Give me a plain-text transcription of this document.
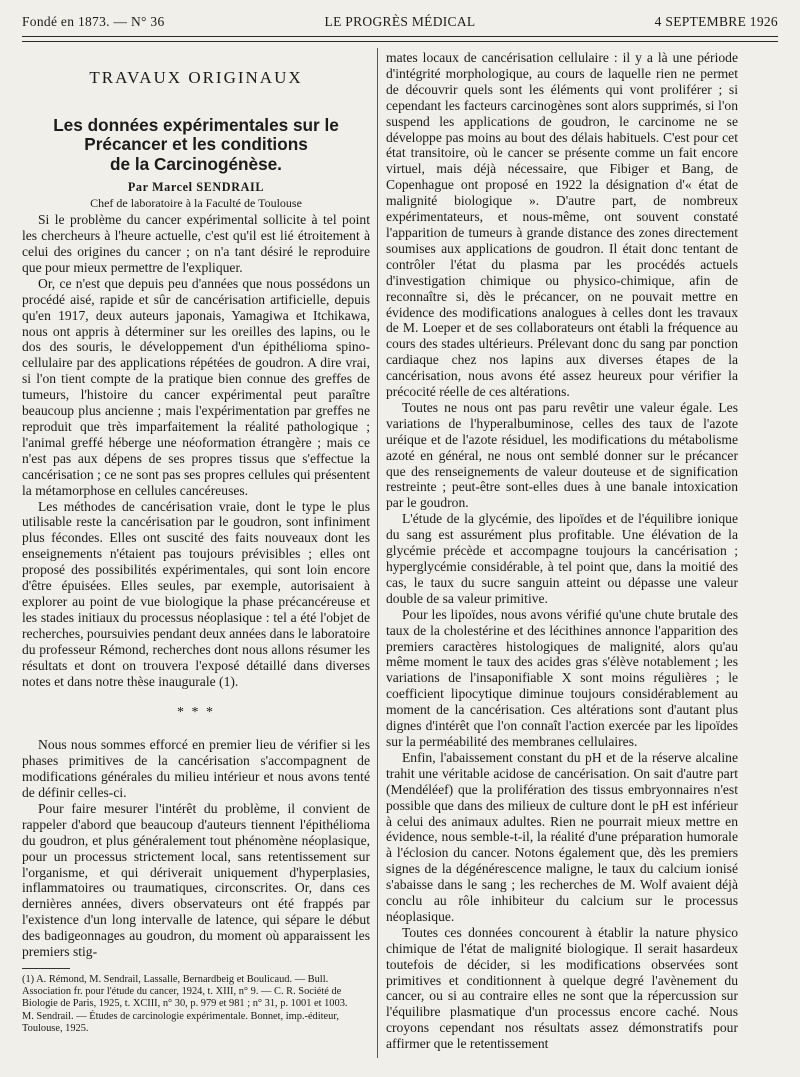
Fondé en 1873. — N° 36	LE PROGRÈS MÉDICAL	4 SEPTEMBRE 1926
TRAVAUX ORIGINAUX
Les données expérimentales sur le
Précancer et les conditions
de la Carcinogénèse.

Par Marcel SENDRAIL

Chef de laboratoire à la Faculté de Toulouse

Si le problème du cancer expérimental sollicite à tel point les chercheurs à l'heure actuelle, c'est qu'il est lié étroitement à celui des origines du cancer ; on n'a tant désiré le reproduire que pour mieux permettre de l'expliquer.

Or, ce n'est que depuis peu d'années que nous possédons un procédé aisé, rapide et sûr de cancérisation artificielle, depuis qu'en 1917, deux auteurs japonais, Yamagiwa et Itchikawa, nous ont appris à déterminer sur les oreilles des lapins, ou le dos des souris, le développement d'un épithélioma spino-cellulaire par des applications répétées de goudron. A dire vrai, si l'on tient compte de la pratique bien connue des greffes de tumeurs, l'histoire du cancer expérimental peut paraître beaucoup plus ancienne ; mais l'expérimentation par greffes ne reproduit que très imparfaitement la réalité pathologique ; l'animal greffé héberge une néoformation étrangère ; mais ce n'est pas aux dépens de ses propres tissus que s'effectue la cancérisation ; ce ne sont pas ses propres cellules qui présentent la métamorphose en cellules cancéreuses.

Les méthodes de cancérisation vraie, dont le type le plus utilisable reste la cancérisation par le goudron, sont infiniment plus fécondes. Elles ont suscité des faits nouveaux dont les enseignements n'étaient pas toujours prévisibles ; elles ont proposé des possibilités expérimentales, qui sont loin encore d'être épuisées. Elles seules, par exemple, autorisaient à explorer au point de vue biologique la phase précancéreuse et les stades initiaux du processus néoplasique : tel a été l'objet de recherches, poursuivies pendant deux années dans le laboratoire du professeur Rémond, recherches dont nous allons résumer les résultats et dont on trouvera l'exposé détaillé dans diverses notes et dans notre thèse inaugurale (1).

* * *

Nous nous sommes efforcé en premier lieu de vérifier si les phases primitives de la cancérisation s'accompagnent de modifications générales du milieu intérieur et nous avons tenté de définir celles-ci.

Pour faire mesurer l'intérêt du problème, il convient de rappeler d'abord que beaucoup d'auteurs tiennent l'épithélioma du goudron, et plus généralement tout phénomène néoplasique, pour un processus strictement local, sans retentissement sur l'organisme, et qui dériverait uniquement d'hyperplasies, inflammatoires ou traumatiques, circonscrites. Or, dans ces dernières années, divers observateurs ont été frappés par l'existence d'un long intervalle de latence, qui sépare le début des badigeonnages au goudron, du moment où apparaissent les premiers stig-

(1) A. Rémond, M. Sendrail, Lassalle, Bernardbeig et Boulicaud. — Bull. Association fr. pour l'étude du cancer, 1924, t. XIII, n° 9. — C. R. Société de Biologie de Paris, 1925, t. XCIII, n° 30, p. 979 et 981 ; n° 31, p. 1001 et 1003.

M. Sendrail. — Études de carcinologie expérimentale. Bonnet, imp.-éditeur, Toulouse, 1925.

mates locaux de cancérisation cellulaire : il y a là une période d'intégrité morphologique, au cours de laquelle rien ne permet de découvrir quels sont les éléments qui vont proliférer ; si cependant les facteurs carcinogènes sont alors supprimés, si l'on suspend les applications de goudron, le carcinome ne se développe pas moins au bout des délais habituels. C'est pour cet état transitoire, où le cancer se présente comme un fait encore virtuel, mais déjà nécessaire, que Fibiger et Bang, de Copenhague ont proposé en 1922 la désignation d'« état de malignité biologique ». D'autre part, de nombreux expérimentateurs, et nous-même, ont souvent constaté l'apparition de tumeurs à grande distance des zones directement soumises aux applications de goudron. Il était donc tentant de contrôler l'état du plasma par les procédés actuels d'investigation chimique ou physico-chimique, afin de reconnaître si, dès le précancer, on ne pouvait mettre en évidence des modifications analogues à celles dont les travaux de M. Loeper et de ses collaborateurs ont établi la fréquence au cours des stades ultérieurs. Prélevant donc du sang par ponction cardiaque chez nos lapins aux diverses étapes de la cancérisation, nous avons été assez heureux pour vérifier la précocité réelle de ces altérations.

Toutes ne nous ont pas paru revêtir une valeur égale. Les variations de l'hyperalbuminose, celles des taux de l'azote uréique et de l'azote résiduel, les modifications du métabolisme azoté en général, ne nous ont semblé donner sur le précancer que des renseignements de valeur douteuse et de signification restreinte ; peut-être sont-elles dues à une banale intoxication par le goudron.

L'étude de la glycémie, des lipoïdes et de l'équilibre ionique du sang est assurément plus profitable. Une élévation de la glycémie précède et accompagne toujours la cancérisation ; hyperglycémie considérable, à tel point que, dans la moitié des cas, le taux du sucre sanguin atteint ou dépasse une valeur double de sa valeur primitive.

Pour les lipoïdes, nous avons vérifié qu'une chute brutale des taux de la cholestérine et des lécithines annonce l'apparition des premiers caractères histologiques de malignité, alors qu'au même moment le taux des acides gras s'élève notablement ; les variations de l'insaponifiable X sont moins régulières ; le coefficient lipocytique diminue toujours considérablement au moment de la cancérisation. Ces altérations sont d'autant plus dignes d'intérêt que l'on connaît l'action exercée par les lipoïdes sur la perméabilité des membranes cellulaires.

Enfin, l'abaissement constant du pH et de la réserve alcaline trahit une véritable acidose de cancérisation. On sait d'autre part (Mendéléef) que la prolifération des tissus embryonnaires n'est possible que dans des milieux de culture dont le pH est inférieur à celui des animaux adultes. Rien ne pourrait mieux mettre en évidence, nous semble-t-il, la réalité d'une préparation humorale à l'éclosion du cancer. Notons également que, dès les premiers signes de la dégénérescence maligne, le taux du calcium ionisé s'abaisse dans le sang ; les recherches de M. Wolf avaient déjà conclu au rôle inhibiteur du calcium sur le processus néoplasique.

Toutes ces données concourent à établir la nature physico chimique de l'état de malignité biologique. Il serait hasardeux toutefois de décider, si les modifications observées sont primitives et conditionnent à quelque degré l'avènement du cancer, ou si au contraire elles ne sont que la répercussion sur l'équilibre plasmatique d'un processus encore caché. Nous croyons cependant nos résultats assez démonstratifs pour affirmer que le retentissement
